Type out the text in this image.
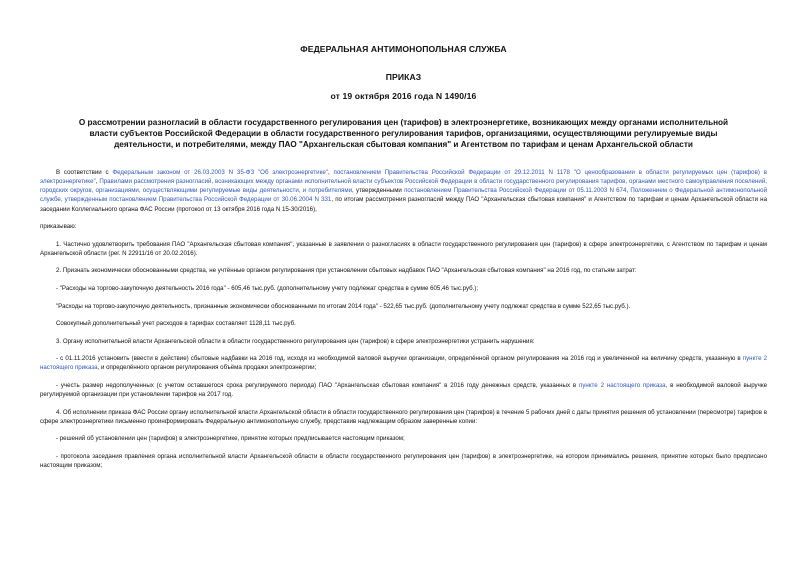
ФЕДЕРАЛЬНАЯ АНТИМОНОПОЛЬНАЯ СЛУЖБА
ПРИКАЗ
от 19 октября 2016 года N 1490/16
О рассмотрении разногласий в области государственного регулирования цен (тарифов) в электроэнергетике, возникающих между органами исполнительной власти субъектов Российской Федерации в области государственного регулирования тарифов, организациями, осуществляющими регулируемые виды деятельности, и потребителями, между ПАО "Архангельская сбытовая компания" и Агентством по тарифам и ценам Архангельской области

В соответствии с Федеральным законом от 26.03.2003 N 35-ФЗ "Об электроэнергетике", постановлением Правительства Российской Федерации от 29.12.2011 N 1178 "О ценообразовании в области регулируемых цен (тарифов) в электроэнергетике", Правилами рассмотрения разногласий, возникающих между органами исполнительной власти субъектов Российской Федерации в области государственного регулирования тарифов, органами местного самоуправления поселений, городских округов, организациями, осуществляющими регулируемые виды деятельности, и потребителями, утвержденными постановлением Правительства Российской Федерации от 05.11.2003 N 674, Положением о Федеральной антимонопольной службе, утвержденным постановлением Правительства Российской Федерации от 30.06.2004 N 331, по итогам рассмотрения разногласий между ПАО "Архангельская сбытовая компания" и Агентством по тарифам и ценам Архангельской области на заседании Коллегиального органа ФАС России (протокол от 13 октября 2016 года N 15-30/2016),

приказываю:

1. Частично удовлетворить требования ПАО "Архангельская сбытовая компания", указанные в заявлении о разногласиях в области государственного регулирования цен (тарифов) в сфере электроэнергетики, с Агентством по тарифам и ценам Архангельской области (рег. N 22911/16 от 20.02.2016).

2. Признать экономически обоснованными средства, не учтённые органом регулирования при установлении сбытовых надбавок ПАО "Архангельская сбытовая компания" на 2016 год, по статьям затрат:

- "Расходы на торгово-закупочную деятельность 2016 года" - 605,46 тыс.руб. (дополнительному учету подлежат средства в сумме 605,46 тыс.руб.);

"Расходы на торгово-закупочную деятельность, признанные экономически обоснованными по итогам 2014 года" - 522,65 тыс.руб. (дополнительному учету подлежат средства в сумме 522,65 тыс.руб.).

Совокупный дополнительный учет расходов в тарифах составляет 1128,11 тыс.руб.

3. Органу исполнительной власти Архангельской области в области государственного регулирования цен (тарифов) в сфере электроэнергетики устранить нарушения:

- с 01.11.2016 установить (ввести в действие) сбытовые надбавки на 2016 год, исходя из необходимой валовой выручки организации, определённой органом регулирования на 2016 год и увеличенной на величину средств, указанную в пункте 2 настоящего приказа, и определённого органом регулирования объёма продажи электроэнергии;

- учесть размер недополученных (с учетом оставшегося срока регулируемого периода) ПАО "Архангельская сбытовая компания" в 2016 году денежных средств, указанных в пункте 2 настоящего приказа, в необходимой валовой выручке регулируемой организации при установлении тарифов на 2017 год.

4. Об исполнении приказа ФАС России органу исполнительной власти Архангельской области в области государственного регулирования цен (тарифов) в течение 5 рабочих дней с даты принятия решения об установлении (пересмотре) тарифов в сфере электроэнергетики письменно проинформировать Федеральную антимонопольную службу, представив надлежащим образом заверенные копии:

- решений об установлении цен (тарифов) в электроэнергетике, принятие которых предписывается настоящим приказом;

- протокола заседания правления органа исполнительной власти Архангельской области в области государственного регулирования цен (тарифов) в электроэнергетике, на котором принимались решения, принятие которых было предписано настоящим приказом;
